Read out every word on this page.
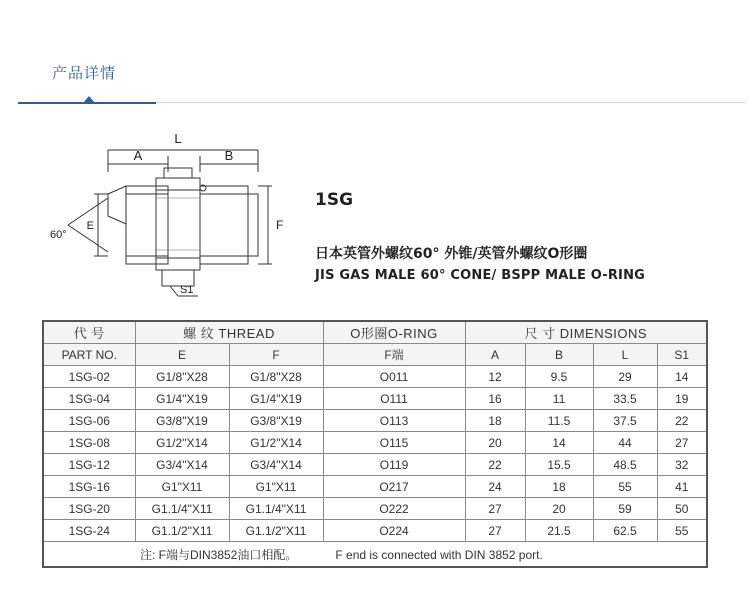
产品详情
L
A	B
E	F
60°
S1
1SG
日本英管外螺纹60° 外锥/英管外螺纹O形圈
JIS GAS MALE 60° CONE/ BSPP MALE O-RING
代 号	螺 纹 THREAD		O形圈O-RING	尺 寸 DIMENSIONS			
PART NO.	E	F	F端	A	B	L	S1
1SG-02	G1/8"X28	G1/8"X28	O011	12	9.5	29	14
1SG-04	G1/4"X19	G1/4"X19	O111	16	11	33.5	19
1SG-06	G3/8"X19	G3/8"X19	O113	18	11.5	37.5	22
1SG-08	G1/2"X14	G1/2"X14	O115	20	14	44	27
1SG-12	G3/4"X14	G3/4"X14	O119	22	15.5	48.5	32
1SG-16	G1"X11	G1"X11	O217	24	18	55	41
1SG-20	G1.1/4"X11	G1.1/4"X11	O222	27	20	59	50
1SG-24	G1.1/2"X11	G1.1/2"X11	O224	27	21.5	62.5	55
注: F端与DIN3852油口相配。 F end is connected with DIN 3852 port.							
